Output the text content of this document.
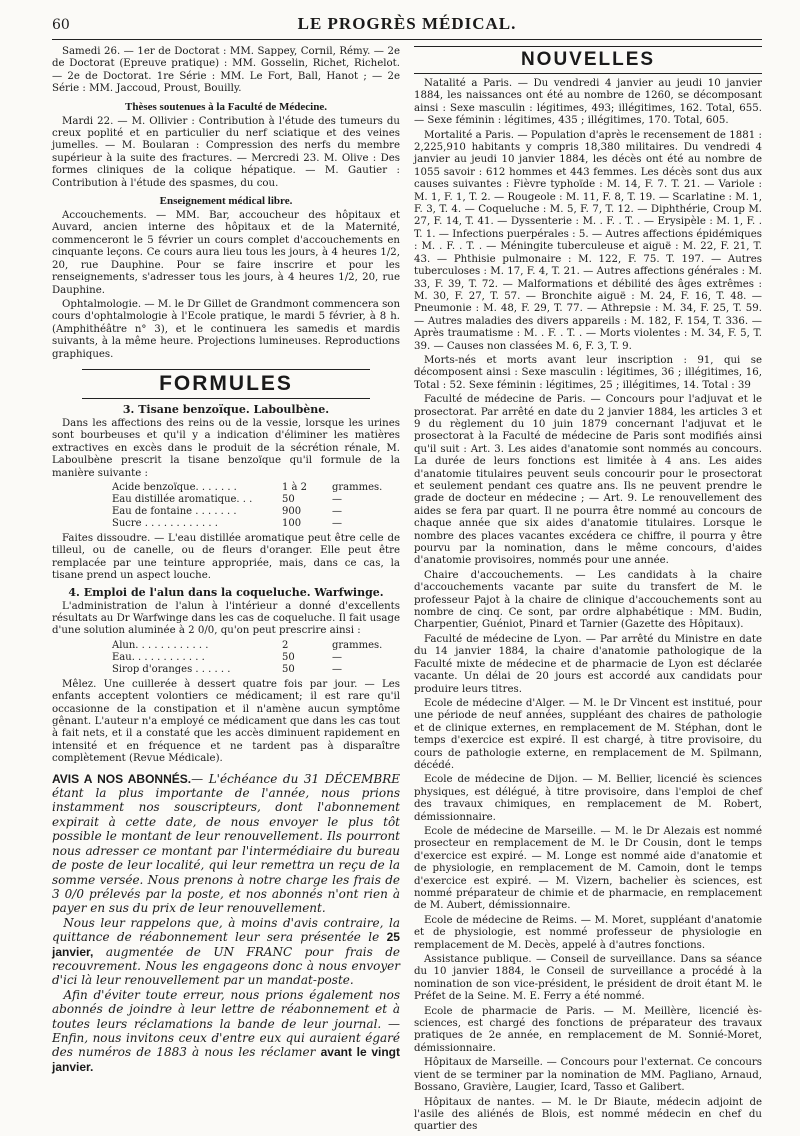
60	LE PROGRÈS MÉDICAL.

Samedi 26. — 1er de Doctorat : MM. Sappey, Cornil, Rémy. — 2e de Doctorat (Epreuve pratique) : MM. Gosselin, Richet, Richelot. — 2e de Doctorat. 1re Série : MM. Le Fort, Ball, Hanot ; — 2e Série : MM. Jaccoud, Proust, Bouilly.

Thèses soutenues à la Faculté de Médecine.

Mardi 22. — M. Ollivier : Contribution à l'étude des tumeurs du creux poplité et en particulier du nerf sciatique et des veines jumelles. — M. Boularan : Compression des nerfs du membre supérieur à la suite des fractures. — Mercredi 23. M. Olive : Des formes cliniques de la colique hépatique. — M. Gautier : Contribution à l'étude des spasmes, du cou.

Enseignement médical libre.

Accouchements. — MM. Bar, accoucheur des hôpitaux et Auvard, ancien interne des hôpitaux et de la Maternité, commenceront le 5 février un cours complet d'accouchements en cinquante leçons. Ce cours aura lieu tous les jours, à 4 heures 1/2, 20, rue Dauphine. Pour se faire inscrire et pour les renseignements, s'adresser tous les jours, à 4 heures 1/2, 20, rue Dauphine.

Ophtalmologie. — M. le Dr Gillet de Grandmont commencera son cours d'ophtalmologie à l'Ecole pratique, le mardi 5 février, à 8 h. (Amphithéâtre n° 3), et le continuera les samedis et mardis suivants, à la même heure. Projections lumineuses. Reproductions graphiques.

FORMULES
3. Tisane benzoïque. Laboulbène.

Dans les affections des reins ou de la vessie, lorsque les urines sont bourbeuses et qu'il y a indication d'éliminer les matières extractives en excès dans le produit de la sécrétion rénale, M. Laboulbène prescrit la tisane benzoïque qu'il formule de la manière suivante :

Acide benzoïque. . . . . . .	1 à 2	grammes.
Eau distillée aromatique. . .	50	—
Eau de fontaine . . . . . . .	900	—
Sucre . . . . . . . . . . . .	100	—

Faites dissoudre. — L'eau distillée aromatique peut être celle de tilleul, ou de canelle, ou de fleurs d'oranger. Elle peut être remplacée par une teinture appropriée, mais, dans ce cas, la tisane prend un aspect louche.

4. Emploi de l'alun dans la coqueluche. Warfwinge.

L'administration de l'alun à l'intérieur a donné d'excellents résultats au Dr Warfwinge dans les cas de coqueluche. Il fait usage d'une solution aluminée à 2 0/0, qu'on peut prescrire ainsi :

Alun. . . . . . . . . . . .	2	grammes.
Eau. . . . . . . . . . . .	50	—
Sirop d'oranges . . . . . .	50	—

Mêlez. Une cuillerée à dessert quatre fois par jour. — Les enfants acceptent volontiers ce médicament; il est rare qu'il occasionne de la constipation et il n'amène aucun symptôme gênant. L'auteur n'a employé ce médicament que dans les cas tout à fait nets, et il a constaté que les accès diminuent rapidement en intensité et en fréquence et ne tardent pas à disparaître complètement (Revue Médicale).

AVIS A NOS ABONNÉS.— L'échéance du 31 DÉCEMBRE étant la plus importante de l'année, nous prions instamment nos souscripteurs, dont l'abonnement expirait à cette date, de nous envoyer le plus tôt possible le montant de leur renouvellement. Ils pourront nous adresser ce montant par l'intermédiaire du bureau de poste de leur localité, qui leur remettra un reçu de la somme versée. Nous prenons à notre charge les frais de 3 0/0 prélevés par la poste, et nos abonnés n'ont rien à payer en sus du prix de leur renouvellement.
Nous leur rappelons que, à moins d'avis contraire, la quittance de réabonnement leur sera présentée le 25 janvier, augmentée de UN FRANC pour frais de recouvrement. Nous les engageons donc à nous envoyer d'ici là leur renouvellement par un mandat-poste.
Afin d'éviter toute erreur, nous prions également nos abonnés de joindre à leur lettre de réabonnement et à toutes leurs réclamations la bande de leur journal. — Enfin, nous invitons ceux d'entre eux qui auraient égaré des numéros de 1883 à nous les réclamer avant le vingt janvier.
NOUVELLES

Natalité a Paris. — Du vendredi 4 janvier au jeudi 10 janvier 1884, les naissances ont été au nombre de 1260, se décomposant ainsi : Sexe masculin : légitimes, 493; illégitimes, 162. Total, 655. — Sexe féminin : légitimes, 435 ; illégitimes, 170. Total, 605.

Mortalité a Paris. — Population d'après le recensement de 1881 : 2,225,910 habitants y compris 18,380 militaires. Du vendredi 4 janvier au jeudi 10 janvier 1884, les décès ont été au nombre de 1055 savoir : 612 hommes et 443 femmes. Les décès sont dus aux causes suivantes : Fièvre typhoïde : M. 14, F. 7. T. 21. — Variole : M. 1, F. 1, T. 2. — Rougeole : M. 11, F. 8, T. 19. — Scarlatine : M. 1, F. 3, T. 4. — Coqueluche : M. 5, F. 7, T. 12. — Diphthérie, Croup M. 27, F. 14, T. 41. — Dyssenterie : M. . F. . T. . — Erysipèle : M. 1, F. . T. 1. — Infections puerpérales : 5. — Autres affections épidémiques : M. . F. . T. . — Méningite tuberculeuse et aiguë : M. 22, F. 21, T. 43. — Phthisie pulmonaire : M. 122, F. 75. T. 197. — Autres tuberculoses : M. 17, F. 4, T. 21. — Autres affections générales : M. 33, F. 39, T. 72. — Malformations et débilité des âges extrêmes : M. 30, F. 27, T. 57. — Bronchite aiguë : M. 24, F. 16, T. 48. — Pneumonie : M. 48, F. 29, T. 77. — Athrepsie : M. 34, F. 25, T. 59. — Autres maladies des divers appareils : M. 182, F. 154, T. 336. — Après traumatisme : M. . F. . T. . — Morts violentes : M. 34, F. 5, T. 39. — Causes non classées M. 6, F. 3, T. 9.

Morts-nés et morts avant leur inscription : 91, qui se décomposent ainsi : Sexe masculin : légitimes, 36 ; illégitimes, 16, Total : 52. Sexe féminin : légitimes, 25 ; illégitimes, 14. Total : 39

Faculté de médecine de Paris. — Concours pour l'adjuvat et le prosectorat. Par arrêté en date du 2 janvier 1884, les articles 3 et 9 du règlement du 10 juin 1879 concernant l'adjuvat et le prosectorat à la Faculté de médecine de Paris sont modifiés ainsi qu'il suit : Art. 3. Les aides d'anatomie sont nommés au concours. La durée de leurs fonctions est limitée à 4 ans. Les aides d'anatomie titulaires peuvent seuls concourir pour le prosectorat et seulement pendant ces quatre ans. Ils ne peuvent prendre le grade de docteur en médecine ; — Art. 9. Le renouvellement des aides se fera par quart. Il ne pourra être nommé au concours de chaque année que six aides d'anatomie titulaires. Lorsque le nombre des places vacantes excédera ce chiffre, il pourra y être pourvu par la nomination, dans le même concours, d'aides d'anatomie provisoires, nommés pour une année.

Chaire d'accouchements. — Les candidats à la chaire d'accouchements vacante par suite du transfert de M. le professeur Pajot à la chaire de clinique d'accouchements sont au nombre de cinq. Ce sont, par ordre alphabétique : MM. Budin, Charpentier, Guéniot, Pinard et Tarnier (Gazette des Hôpitaux).

Faculté de médecine de Lyon. — Par arrêté du Ministre en date du 14 janvier 1884, la chaire d'anatomie pathologique de la Faculté mixte de médecine et de pharmacie de Lyon est déclarée vacante. Un délai de 20 jours est accordé aux candidats pour produire leurs titres.

Ecole de médecine d'Alger. — M. le Dr Vincent est institué, pour une période de neuf années, suppléant des chaires de pathologie et de clinique externes, en remplacement de M. Stéphan, dont le temps d'exercice est expiré. Il est chargé, à titre provisoire, du cours de pathologie externe, en remplacement de M. Spilmann, décédé.

Ecole de médecine de Dijon. — M. Bellier, licencié ès sciences physiques, est délégué, à titre provisoire, dans l'emploi de chef des travaux chimiques, en remplacement de M. Robert, démissionnaire.

Ecole de médecine de Marseille. — M. le Dr Alezais est nommé prosecteur en remplacement de M. le Dr Cousin, dont le temps d'exercice est expiré. — M. Longe est nommé aide d'anatomie et de physiologie, en remplacement de M. Camoin, dont le temps d'exercice est expiré. — M. Vizern, bachelier ès sciences, est nommé préparateur de chimie et de pharmacie, en remplacement de M. Aubert, démissionnaire.

Ecole de médecine de Reims. — M. Moret, suppléant d'anatomie et de physiologie, est nommé professeur de physiologie en remplacement de M. Decès, appelé à d'autres fonctions.

Assistance publique. — Conseil de surveillance. Dans sa séance du 10 janvier 1884, le Conseil de surveillance a procédé à la nomination de son vice-président, le président de droit étant M. le Préfet de la Seine. M. E. Ferry a été nommé.

Ecole de pharmacie de Paris. — M. Meillère, licencié ès-sciences, est chargé des fonctions de préparateur des travaux pratiques de 2e année, en remplacement de M. Sonnié-Moret, démissionnaire.

Hôpitaux de Marseille. — Concours pour l'externat. Ce concours vient de se terminer par la nomination de MM. Pagliano, Arnaud, Bossano, Gravière, Laugier, Icard, Tasso et Galibert.

Hôpitaux de nantes. — M. le Dr Biaute, médecin adjoint de l'asile des aliénés de Blois, est nommé médecin en chef du quartier des
